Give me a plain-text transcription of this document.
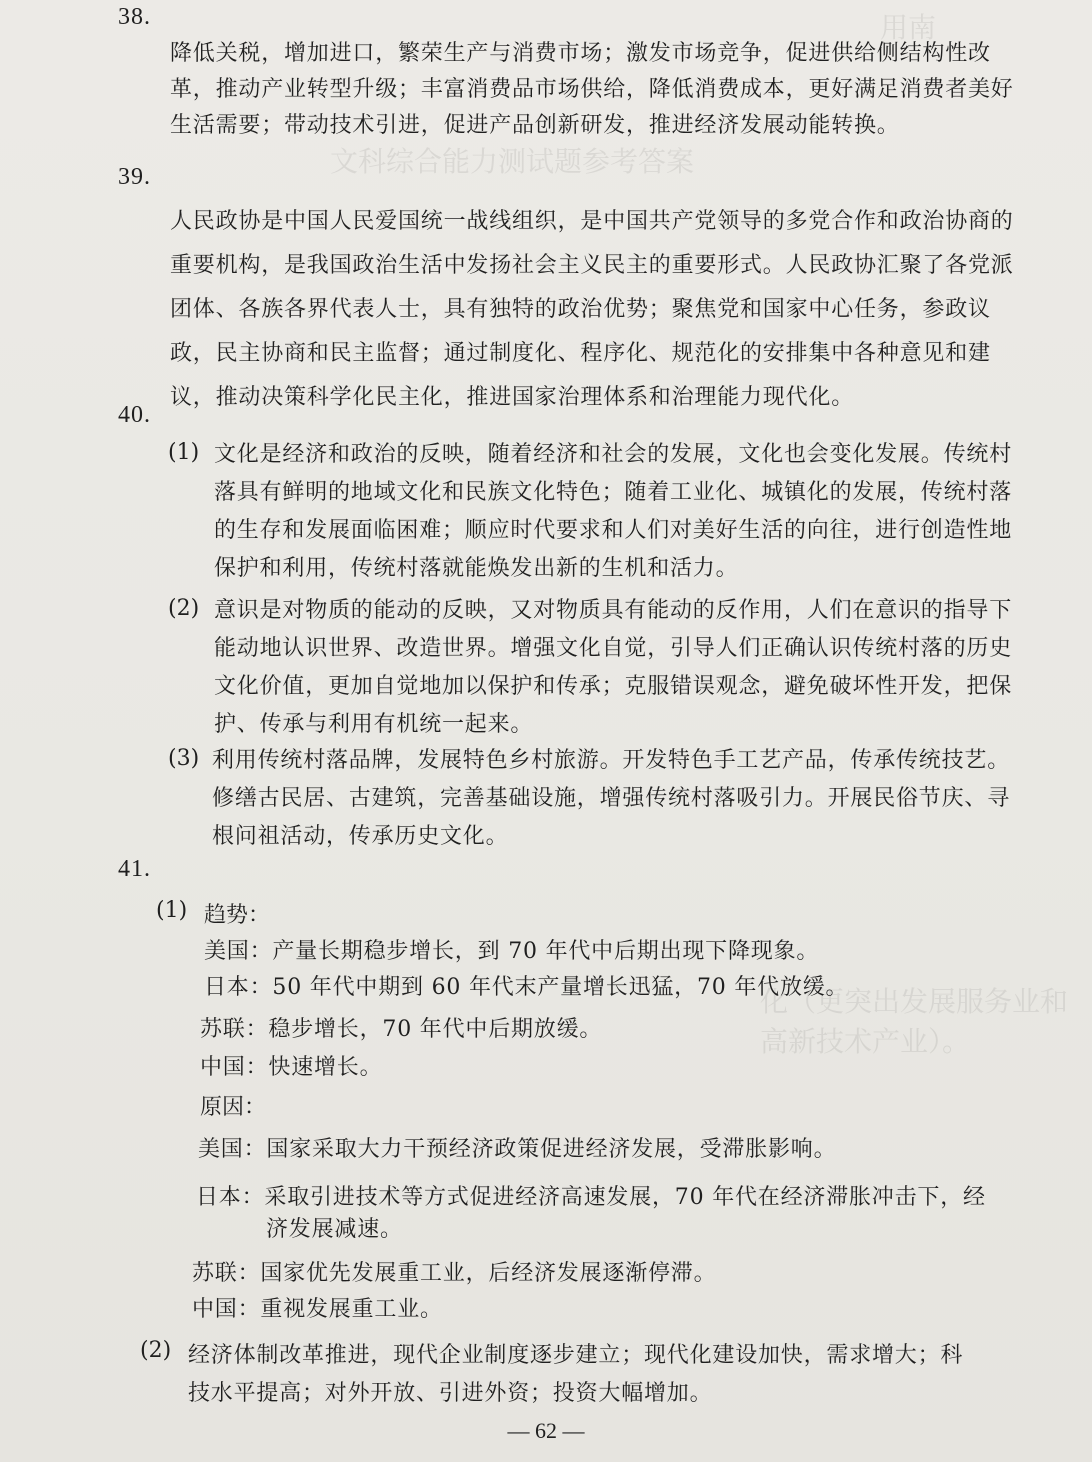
用南
文科综合能力测试题参考答案
化（更突出发展服务业和高新技术产业）。
38.
降低关税，增加进口，繁荣生产与消费市场；激发市场竞争，促进供给侧结构性改革，推动产业转型升级；丰富消费品市场供给，降低消费成本，更好满足消费者美好生活需要；带动技术引进，促进产品创新研发，推进经济发展动能转换。
39.
人民政协是中国人民爱国统一战线组织，是中国共产党领导的多党合作和政治协商的重要机构，是我国政治生活中发扬社会主义民主的重要形式。人民政协汇聚了各党派团体、各族各界代表人士，具有独特的政治优势；聚焦党和国家中心任务，参政议政，民主协商和民主监督；通过制度化、程序化、规范化的安排集中各种意见和建议，推动决策科学化民主化，推进国家治理体系和治理能力现代化。
40.
(1) 文化是经济和政治的反映，随着经济和社会的发展，文化也会变化发展。传统村落具有鲜明的地域文化和民族文化特色；随着工业化、城镇化的发展，传统村落的生存和发展面临困难；顺应时代要求和人们对美好生活的向往，进行创造性地保护和利用，传统村落就能焕发出新的生机和活力。
(2) 意识是对物质的能动的反映，又对物质具有能动的反作用，人们在意识的指导下能动地认识世界、改造世界。增强文化自觉，引导人们正确认识传统村落的历史文化价值，更加自觉地加以保护和传承；克服错误观念，避免破坏性开发，把保护、传承与利用有机统一起来。
(3) 利用传统村落品牌，发展特色乡村旅游。开发特色手工艺产品，传承传统技艺。修缮古民居、古建筑，完善基础设施，增强传统村落吸引力。开展民俗节庆、寻根问祖活动，传承历史文化。
41.
(1) 趋势：
美国：产量长期稳步增长，到 70 年代中后期出现下降现象。
日本：50 年代中期到 60 年代末产量增长迅猛，70 年代放缓。
苏联：稳步增长，70 年代中后期放缓。
中国：快速增长。
原因：
美国：国家采取大力干预经济政策促进经济发展，受滞胀影响。
日本：采取引进技术等方式促进经济高速发展，70 年代在经济滞胀冲击下，经
济发展减速。
苏联：国家优先发展重工业，后经济发展逐渐停滞。
中国：重视发展重工业。
(2) 经济体制改革推进，现代企业制度逐步建立；现代化建设加快，需求增大；科
技水平提高；对外开放、引进外资；投资大幅增加。
— 62 —
